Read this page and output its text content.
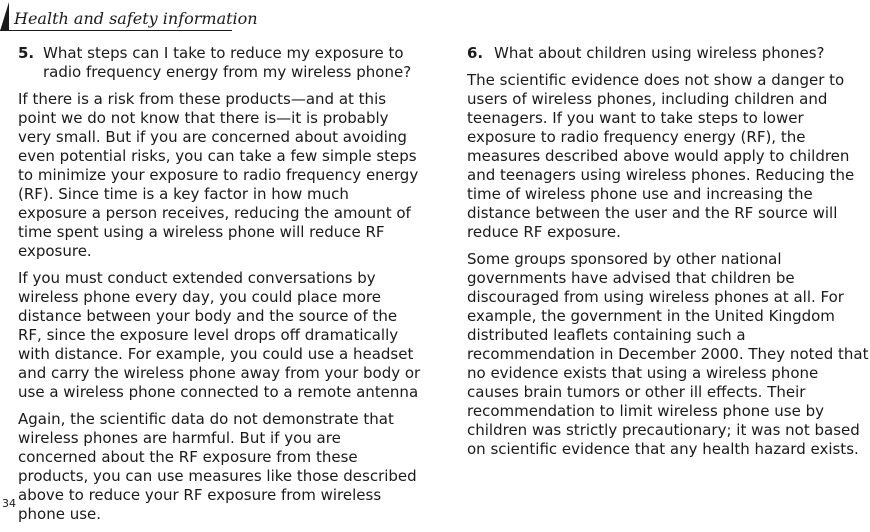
Health and safety information
5. What steps can I take to reduce my exposure to radio frequency energy from my wireless phone?

If there is a risk from these products—and at this point we do not know that there is—it is probably very small. But if you are concerned about avoiding even potential risks, you can take a few simple steps to minimize your exposure to radio frequency energy (RF). Since time is a key factor in how much exposure a person receives, reducing the amount of time spent using a wireless phone will reduce RF exposure.

If you must conduct extended conversations by wireless phone every day, you could place more distance between your body and the source of the RF, since the exposure level drops off dramatically with distance. For example, you could use a headset and carry the wireless phone away from your body or use a wireless phone connected to a remote antenna

Again, the scientific data do not demonstrate that wireless phones are harmful. But if you are concerned about the RF exposure from these products, you can use measures like those described above to reduce your RF exposure from wireless phone use.

6. What about children using wireless phones?

The scientific evidence does not show a danger to users of wireless phones, including children and teenagers. If you want to take steps to lower exposure to radio frequency energy (RF), the measures described above would apply to children and teenagers using wireless phones. Reducing the time of wireless phone use and increasing the distance between the user and the RF source will reduce RF exposure.

Some groups sponsored by other national governments have advised that children be discouraged from using wireless phones at all. For example, the government in the United Kingdom distributed leaflets containing such a recommendation in December 2000. They noted that no evidence exists that using a wireless phone causes brain tumors or other ill effects. Their recommendation to limit wireless phone use by children was strictly precautionary; it was not based on scientific evidence that any health hazard exists.

34
